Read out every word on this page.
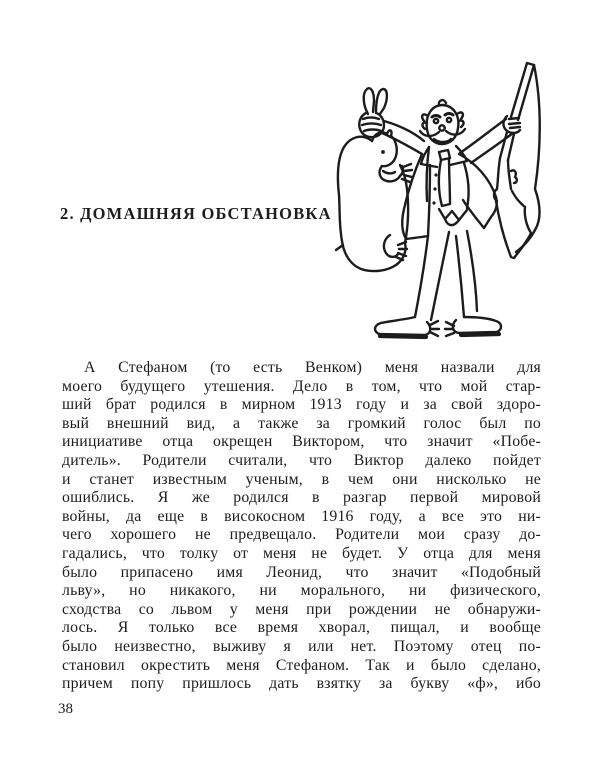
2. ДОМАШНЯЯ ОБСТАНОВКА
А Стефаном (то есть Венком) меня назвали для
моего будущего утешения. Дело в том, что мой стар-
ший брат родился в мирном 1913 году и за свой здоро-
вый внешний вид, а также за громкий голос был по
инициативе отца окрещен Виктором, что значит «Побе-
дитель». Родители считали, что Виктор далеко пойдет
и станет известным ученым, в чем они нисколько не
ошиблись. Я же родился в разгар первой мировой
войны, да еще в високосном 1916 году, а все это ни-
чего хорошего не предвещало. Родители мои сразу до-
гадались, что толку от меня не будет. У отца для меня
было припасено имя Леонид, что значит «Подобный
льву», но никакого, ни морального, ни физического,
сходства со львом у меня при рождении не обнаружи-
лось. Я только все время хворал, пищал, и вообще
было неизвестно, выживу я или нет. Поэтому отец по-
становил окрестить меня Стефаном. Так и было сделано,
причем попу пришлось дать взятку за букву «ф», ибо
38
